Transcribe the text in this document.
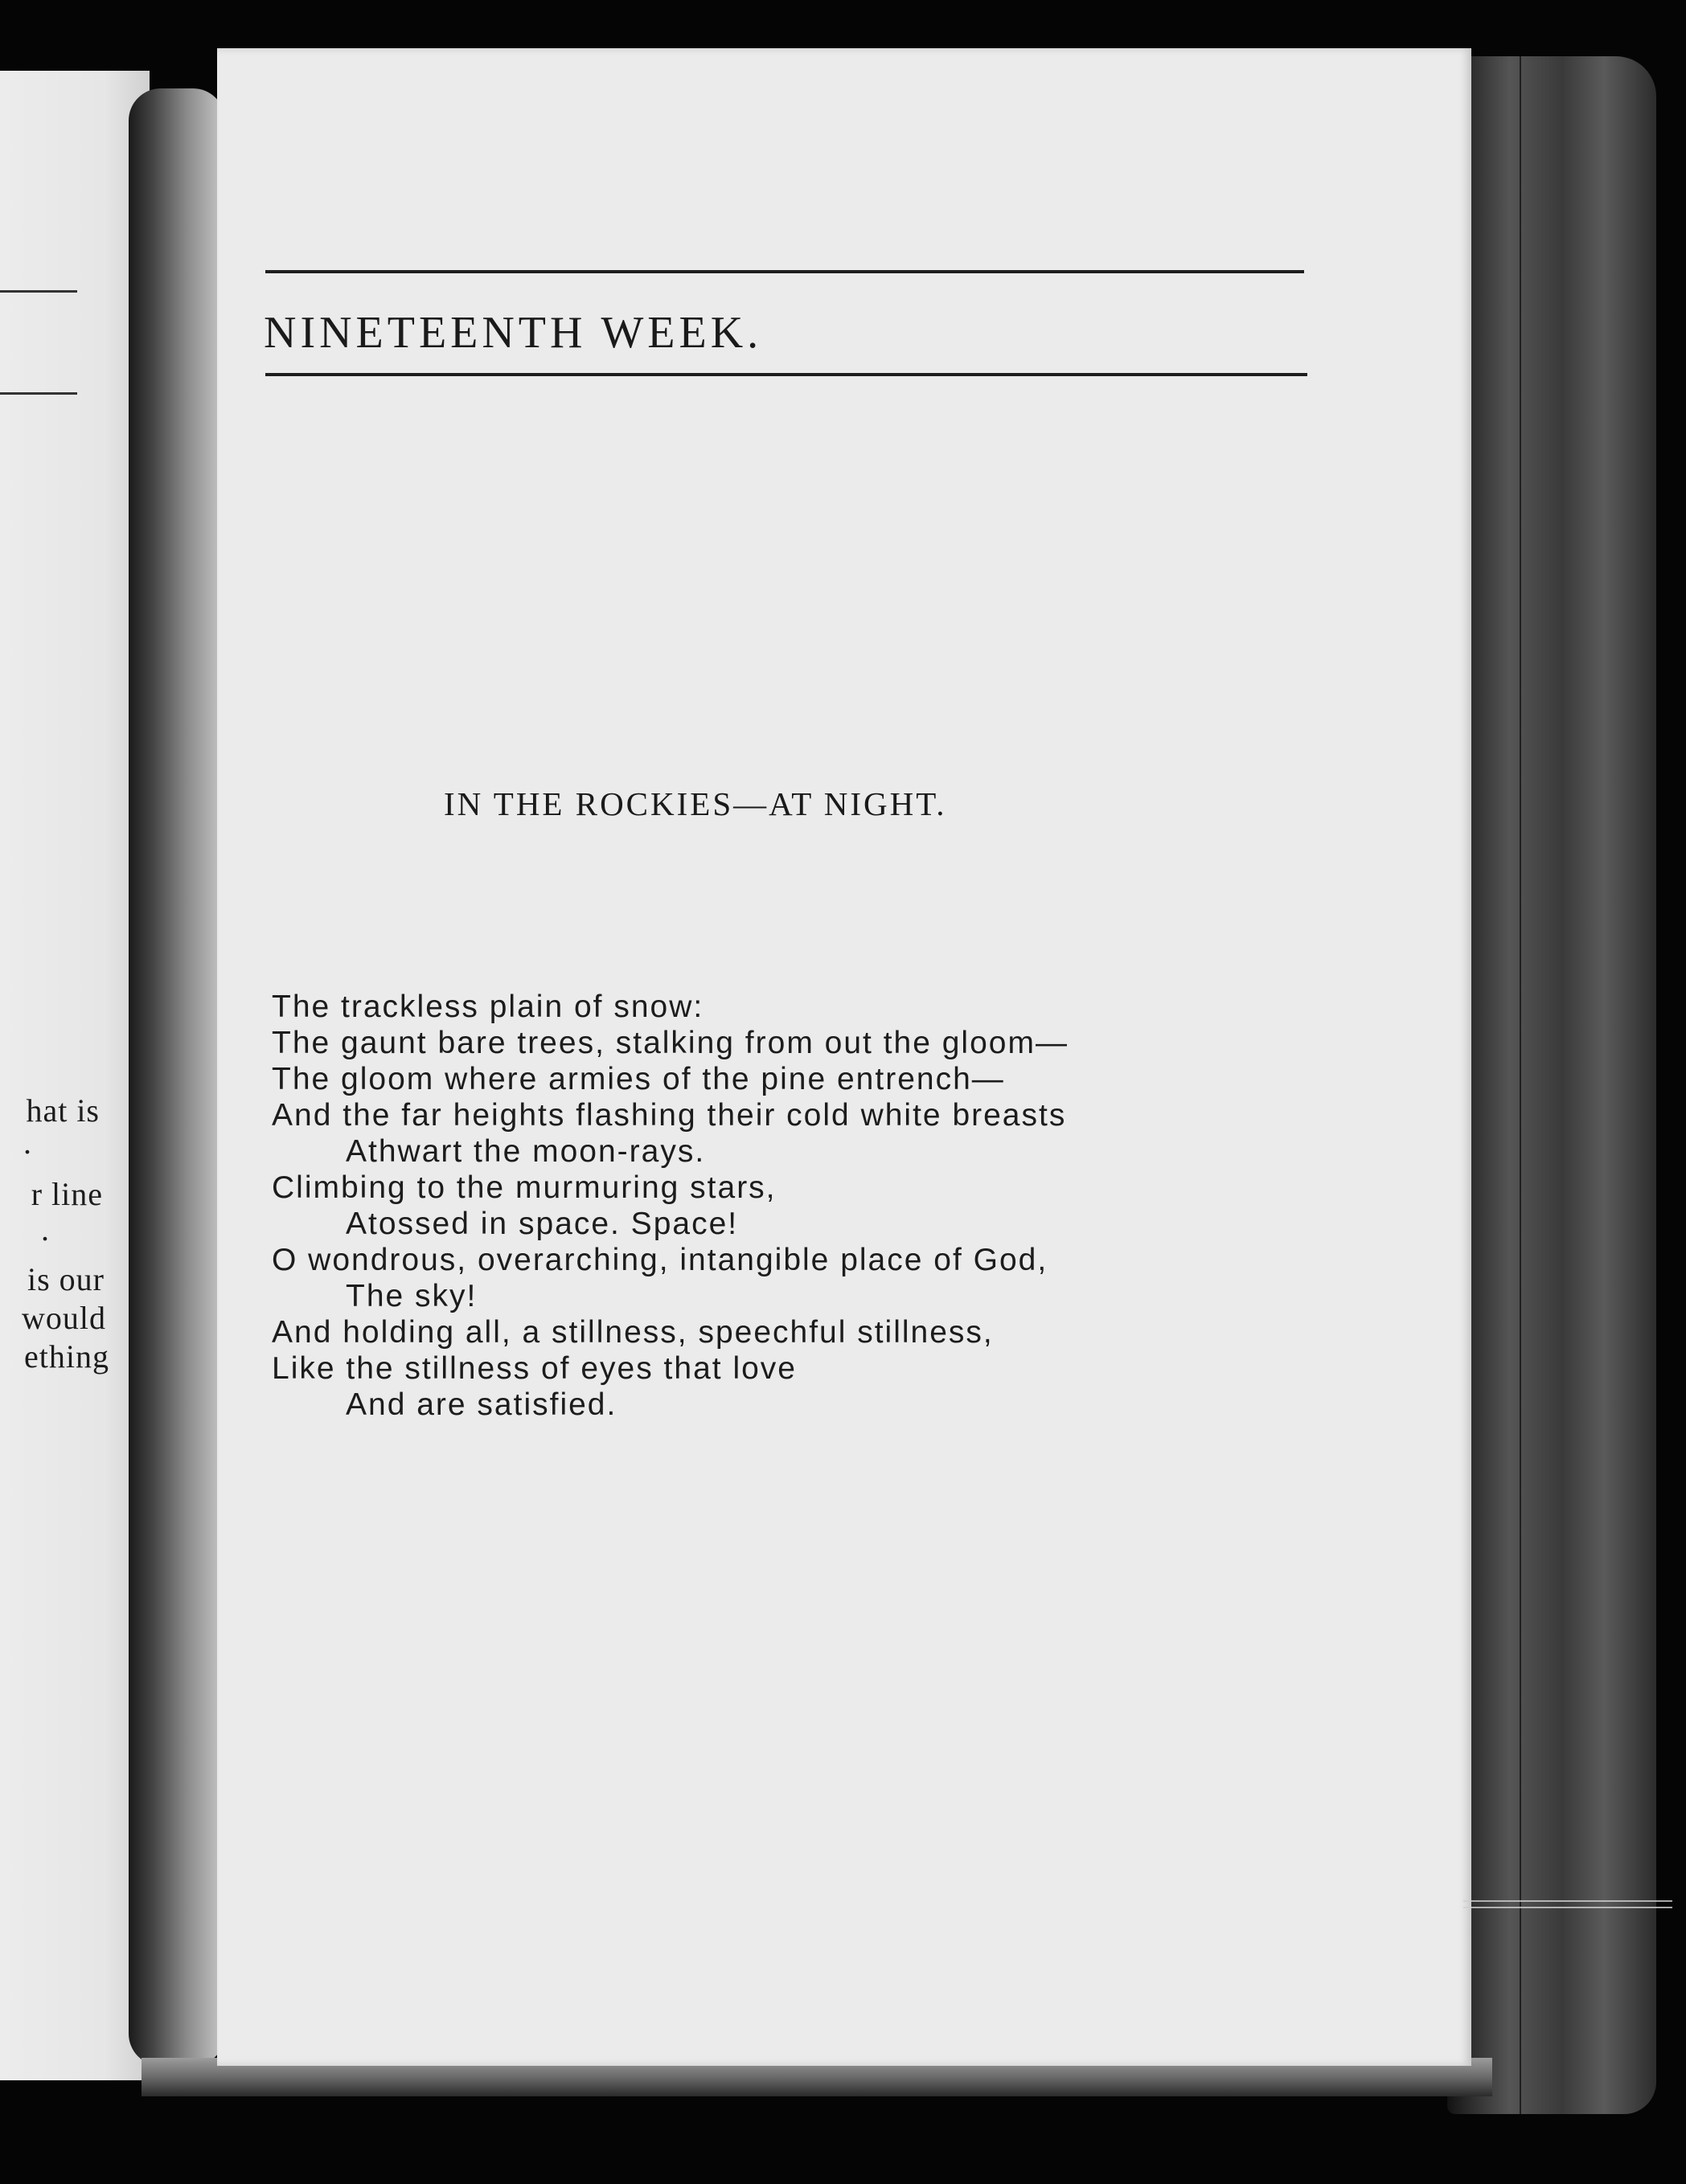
hat is
.
r line
.
is our
would
ething
NINETEENTH WEEK.
IN THE ROCKIES—AT NIGHT.
The trackless plain of snow:
The gaunt bare trees, stalking from out the gloom—
The gloom where armies of the pine entrench—
And the far heights flashing their cold white breasts
Athwart the moon-rays.
Climbing to the murmuring stars,
Atossed in space. Space!
O wondrous, overarching, intangible place of God,
The sky!
And holding all, a stillness, speechful stillness,
Like the stillness of eyes that love
And are satisfied.
